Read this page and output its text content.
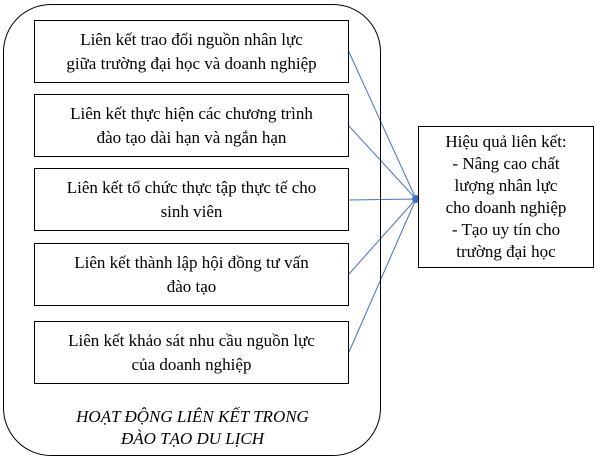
Liên kết trao đổi nguồn nhân lực
giữa trường đại học và doanh nghiệp
Liên kết thực hiện các chương trình
đào tạo dài hạn và ngắn hạn
Liên kết tổ chức thực tập thực tế cho
sinh viên
Liên kết thành lập hội đồng tư vấn
đào tạo
Liên kết khảo sát nhu cầu nguồn lực
của doanh nghiệp
HOẠT ĐỘNG LIÊN KẾT TRONG
ĐÀO TẠO DU LỊCH
Hiệu quả liên kết:
- Nâng cao chất
lượng nhân lực
cho doanh nghiệp
- Tạo uy tín cho
trường đại học
